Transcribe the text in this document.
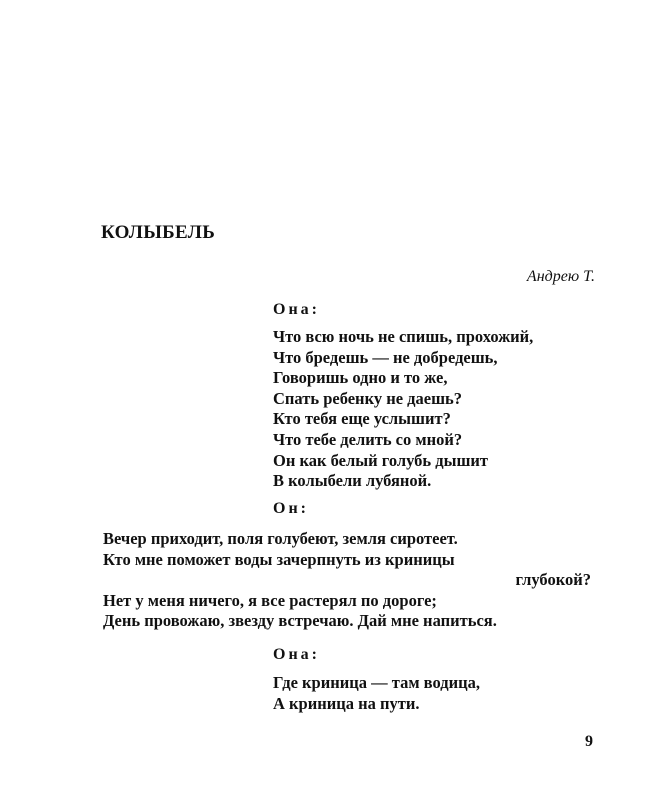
КОЛЫБЕЛЬ
Андрею Т.
Она:
Что всю ночь не спишь, прохожий,
Что бредешь — не добредешь,
Говоришь одно и то же,
Спать ребенку не даешь?
Кто тебя еще услышит?
Что тебе делить со мной?
Он как белый голубь дышит
В колыбели лубяной.
Он:
Вечер приходит, поля голубеют, земля сиротеет.
Кто мне поможет воды зачерпнуть из криницы
глубокой?
Нет у меня ничего, я все растерял по дороге;
День провожаю, звезду встречаю. Дай мне напиться.
Она:
Где криница — там водица,
А криница на пути.
9
